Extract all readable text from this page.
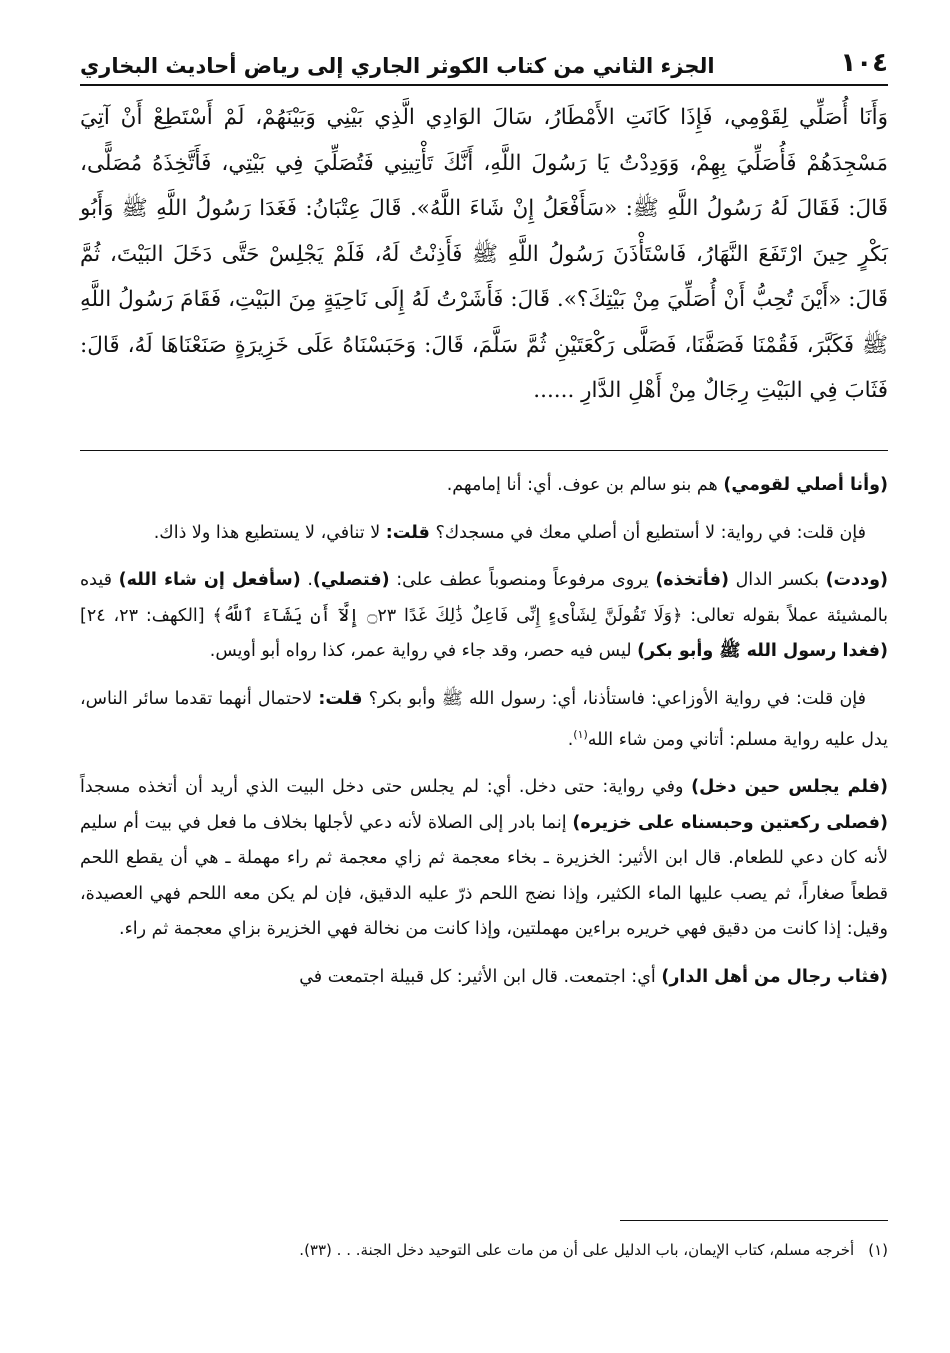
١٠٤
الجزء الثاني من كتاب الكوثر الجاري إلى رياض أحاديث البخاري

وَأَنَا أُصَلِّي لِقَوْمِي، فَإِذَا كَانَتِ الأَمْطَارُ، سَالَ الوَادِي الَّذِي بَيْنِي وَبَيْنَهُمْ، لَمْ أَسْتَطِعْ أَنْ آتِيَ مَسْجِدَهُمْ فَأُصَلِّيَ بِهِمْ، وَوَدِدْتُ يَا رَسُولَ اللَّهِ، أَنَّكَ تَأْتِينِي فَتُصَلِّيَ فِي بَيْتِي، فَأَتَّخِذَهُ مُصَلًّى، قَالَ: فَقَالَ لَهُ رَسُولُ اللَّهِ ﷺ: «سَأَفْعَلُ إِنْ شَاءَ اللَّهُ». قَالَ عِتْبَانُ: فَغَدَا رَسُولُ اللَّهِ ﷺ وَأَبُو بَكْرٍ حِينَ ارْتَفَعَ النَّهَارُ، فَاسْتَأْذَنَ رَسُولُ اللَّهِ ﷺ فَأَذِنْتُ لَهُ، فَلَمْ يَجْلِسْ حَتَّى دَخَلَ البَيْتَ، ثُمَّ قَالَ: «أَيْنَ تُحِبُّ أَنْ أُصَلِّيَ مِنْ بَيْتِكَ؟». قَالَ: فَأَشَرْتُ لَهُ إِلَى نَاحِيَةٍ مِنَ البَيْتِ، فَقَامَ رَسُولُ اللَّهِ ﷺ فَكَبَّرَ، فَقُمْنَا فَصَفَّنَا، فَصَلَّى رَكْعَتَيْنِ ثُمَّ سَلَّمَ، قَالَ: وَحَبَسْنَاهُ عَلَى خَزِيرَةٍ صَنَعْنَاهَا لَهُ، قَالَ: فَثَابَ فِي البَيْتِ رِجَالٌ مِنْ أَهْلِ الدَّارِ ......

(وأنا أصلي لقومي) هم بنو سالم بن عوف. أي: أنا إمامهم.

فإن قلت: في رواية: لا أستطيع أن أصلي معك في مسجدك؟ قلت: لا تنافي، لا يستطيع هذا ولا ذاك.

(وددت) بكسر الدال (فأتخذه) يروى مرفوعاً ومنصوباً عطف على: (فتصلي). (سأفعل إن شاء الله) قيده بالمشيئة عملاً بقوله تعالى: ﴿وَلَا تَقُولَنَّ لِشَاْىءٍ إِنِّى فَاعِلٌ ذَٰلِكَ غَدًا ۝٢٣ إِلَّآ أَن يَشَآءَ ٱللَّهُ﴾ [الكهف: ٢٣، ٢٤] (فغدا رسول الله ﷺ وأبو بكر) ليس فيه حصر، وقد جاء في رواية عمر، كذا رواه أبو أويس.

فإن قلت: في رواية الأوزاعي: فاستأذنا، أي: رسول الله ﷺ وأبو بكر؟ قلت: لاحتمال أنهما تقدما سائر الناس، يدل عليه رواية مسلم: أتاني ومن شاء الله$^{(١)}$.

(فلم يجلس حين دخل) وفي رواية: حتى دخل. أي: لم يجلس حتى دخل البيت الذي أريد أن أتخذه مسجداً (فصلى ركعتين وحبسناه على خزيره) إنما بادر إلى الصلاة لأنه دعي لأجلها بخلاف ما فعل في بيت أم سليم لأنه كان دعي للطعام. قال ابن الأثير: الخزيرة ـ بخاء معجمة ثم زاي معجمة ثم راء مهملة ـ هي أن يقطع اللحم قطعاً صغاراً، ثم يصب عليها الماء الكثير، وإذا نضج اللحم ذرّ عليه الدقيق، فإن لم يكن معه اللحم فهي العصيدة، وقيل: إذا كانت من دقيق فهي خريره براءين مهملتين، وإذا كانت من نخالة فهي الخزيرة بزاي معجمة ثم راء.

(فثاب رجال من أهل الدار) أي: اجتمعت. قال ابن الأثير: كل قبيلة اجتمعت في

(١)أخرجه مسلم، كتاب الإيمان، باب الدليل على أن من مات على التوحيد دخل الجنة. . . (٣٣).
